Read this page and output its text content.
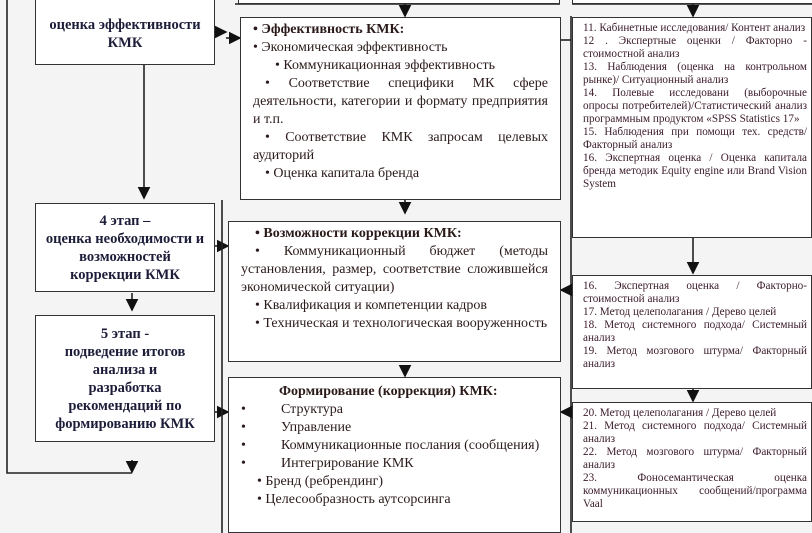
оценка эффективности
КМК
4 этап –
оценка необходимости и
возможностей
коррекции КМК
5 этап -
подведение итогов
анализа и
разработка
рекомендаций по
формированию КМК
• Эффективность КМК:
• Экономическая эффективность
• Коммуникационная эффективность
• Соответствие специфики МК сфере деятельности, категории и формату предприятия и т.п.
• Соответствие КМК запросам целевых аудиторий
• Оценка капитала бренда
• Возможности коррекции КМК:
• Коммуникационный бюджет (методы установления, размер, соответствие сложившейся экономической ситуации)
• Квалификация и компетенции кадров
• Техническая и технологическая вооруженность
Формирование (коррекция) КМК:
•	Структура
•	Управление
•	Коммуникационные послания (сообщения)
•	Интегрирование КМК
• Бренд (ребрендинг)
• Целесообразность аутсорсинга
11. Кабинетные исследования/ Контент анализ
12 . Экспертные оценки / Факторно - стоимостной анализ
13. Наблюдения (оценка на контрольном рынке)/ Ситуационный анализ
14. Полевые исследовани (выборочные опросы потребителей)/Статистический анализ программным продуктом «SPSS Statistics 17»
15. Наблюдения при помощи тех. средств/ Факторный анализ
16. Экспертная оценка / Оценка капитала бренда методик Equity engine или Brand Vision System
16. Экспертная оценка / Факторно-стоимостной анализ
17. Метод целеполагания / Дерево целей
18. Метод системного подхода/ Системный анализ
19. Метод мозгового штурма/ Факторный анализ
20. Метод целеполагания / Дерево целей
21. Метод системного подхода/ Системный анализ
22. Метод мозгового штурма/ Факторный анализ
23. Фоносемантическая оценка коммуникационных сообщений/программа Vaal
